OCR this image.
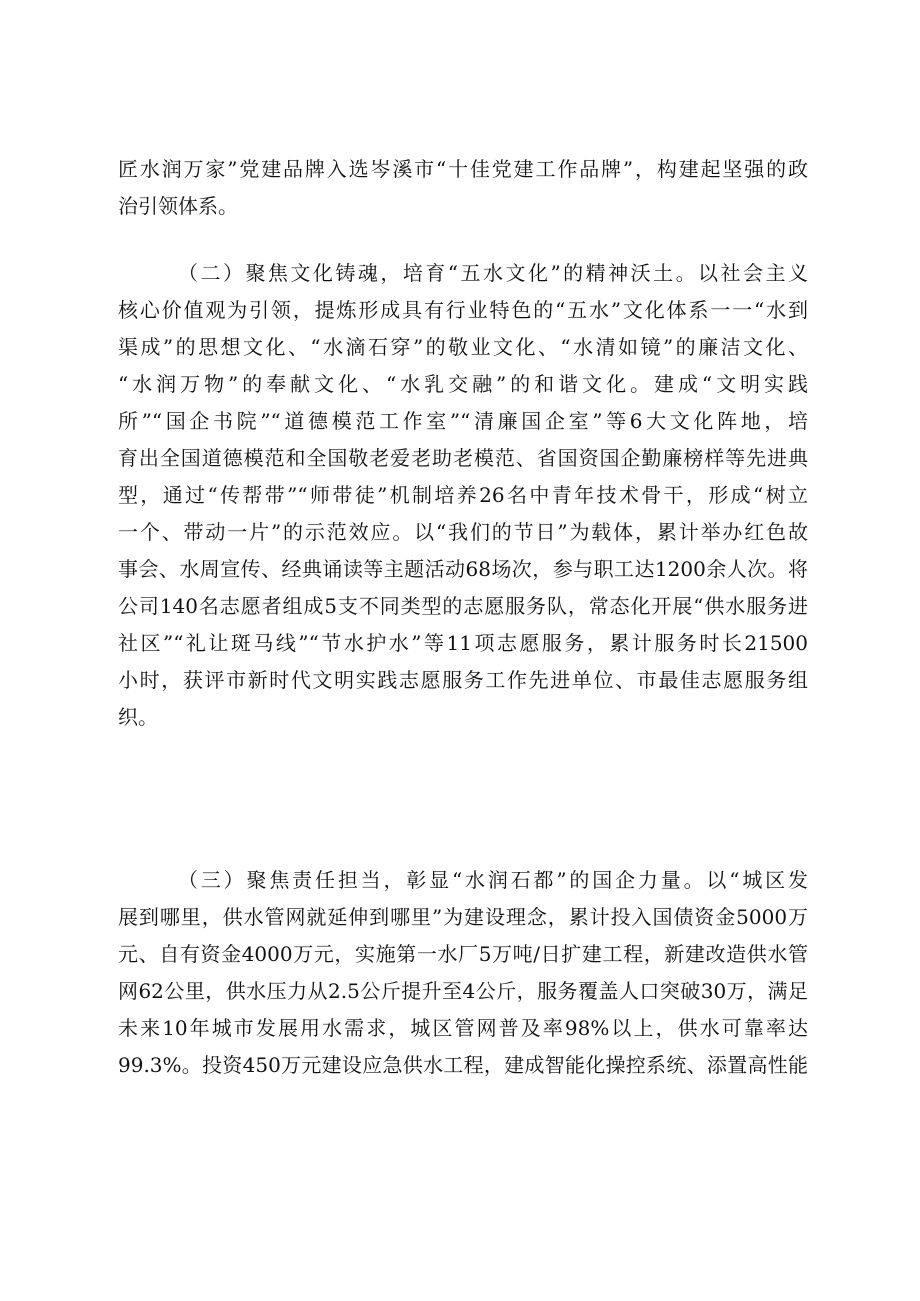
匠水润万家”党建品牌入选岑溪市“十佳党建工作品牌”，构建起坚强的政
治引领体系。
（二）聚焦文化铸魂，培育“五水文化”的精神沃土。以社会主义
核心价值观为引领，提炼形成具有行业特色的“五水”文化体系一一“水到
渠成”的思想文化、“水滴石穿”的敬业文化、“水清如镜”的廉洁文化、
“水润万物”的奉献文化、“水乳交融”的和谐文化。建成“文明实践
所”“国企书院”“道德模范工作室”“清廉国企室”等6大文化阵地，培
育出全国道德模范和全国敬老爱老助老模范、省国资国企勤廉榜样等先进典
型，通过“传帮带”“师带徒”机制培养26名中青年技术骨干，形成“树立
一个、带动一片”的示范效应。以“我们的节日”为载体，累计举办红色故
事会、水周宣传、经典诵读等主题活动68场次，参与职工达1200余人次。将
公司140名志愿者组成5支不同类型的志愿服务队，常态化开展“供水服务进
社区”“礼让斑马线”“节水护水”等11项志愿服务，累计服务时长21500
小时，获评市新时代文明实践志愿服务工作先进单位、市最佳志愿服务组
织。
（三）聚焦责任担当，彰显“水润石都”的国企力量。以“城区发
展到哪里，供水管网就延伸到哪里”为建设理念，累计投入国债资金5000万
元、自有资金4000万元，实施第一水厂5万吨/日扩建工程，新建改造供水管
网62公里，供水压力从2.5公斤提升至4公斤，服务覆盖人口突破30万，满足
未来10年城市发展用水需求，城区管网普及率98%以上，供水可靠率达
99.3%。投资450万元建设应急供水工程，建成智能化操控系统、添置高性能
